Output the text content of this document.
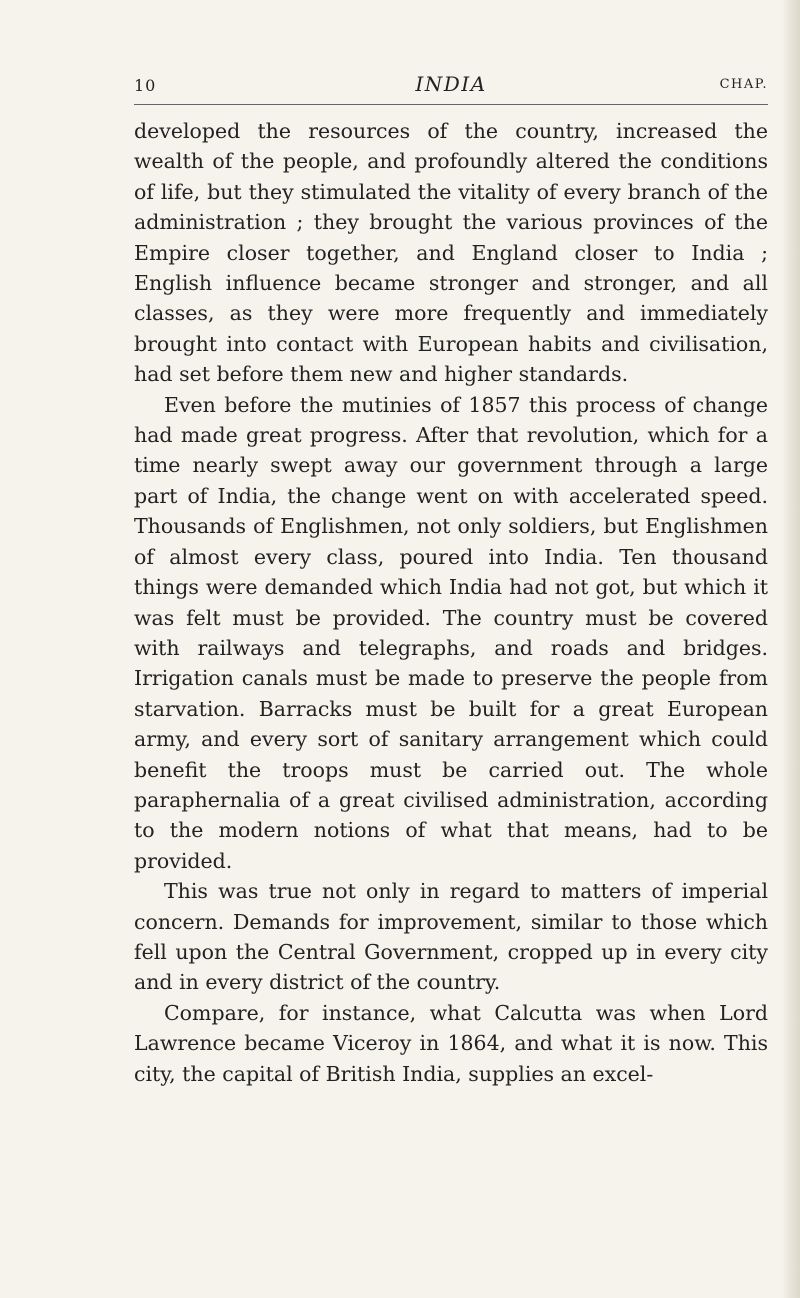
10	INDIA	CHAP.

developed the resources of the country, increased the wealth of the people, and profoundly altered the conditions of life, but they stimulated the vitality of every branch of the administration ; they brought the various provinces of the Empire closer together, and England closer to India ; English influence became stronger and stronger, and all classes, as they were more frequently and immediately brought into contact with European habits and civilisation, had set before them new and higher standards.

Even before the mutinies of 1857 this process of change had made great progress. After that revolution, which for a time nearly swept away our government through a large part of India, the change went on with accelerated speed. Thousands of Englishmen, not only soldiers, but Englishmen of almost every class, poured into India. Ten thousand things were demanded which India had not got, but which it was felt must be provided. The country must be covered with railways and telegraphs, and roads and bridges. Irrigation canals must be made to preserve the people from starvation. Barracks must be built for a great European army, and every sort of sanitary arrangement which could benefit the troops must be carried out. The whole paraphernalia of a great civilised administration, according to the modern notions of what that means, had to be provided.

This was true not only in regard to matters of imperial concern. Demands for improvement, similar to those which fell upon the Central Government, cropped up in every city and in every district of the country.

Compare, for instance, what Calcutta was when Lord Lawrence became Viceroy in 1864, and what it is now. This city, the capital of British India, supplies an excel-
